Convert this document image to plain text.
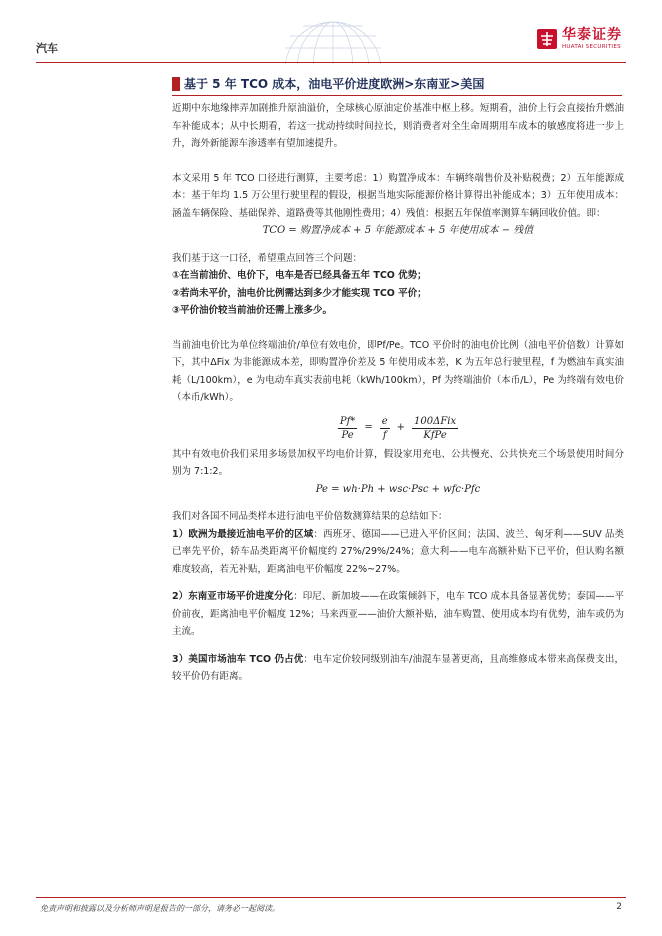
汽车
华泰证券
HUATAI SECURITIES
基于 5 年 TCO 成本，油电平价进度欧洲>东南亚>美国

近期中东地缘摔弄加剧推升原油溢价，全球核心原油定价基准中枢上移。短期看，油价上行会直接抬升燃油车补能成本；从中长期看，若这一扰动持续时间拉长，则消费者对全生命周期用车成本的敏感度将进一步上升，海外新能源车渗透率有望加速提升。

本文采用 5 年 TCO 口径进行测算，主要考虑：1）购置净成本：车辆终端售价及补贴税费；2）五年能源成本：基于年均 1.5 万公里行驶里程的假设，根据当地实际能源价格计算得出补能成本；3）五年使用成本：涵盖车辆保险、基础保养、道路费等其他刚性费用；4）残值：根据五年保值率测算车辆回收价值。即：

TCO = 购置净成本 + 5 年能源成本 + 5 年使用成本 − 残值

我们基于这一口径，希望重点回答三个问题：

①在当前油价、电价下，电车是否已经具备五年 TCO 优势；

②若尚未平价，油电价比例需达到多少才能实现 TCO 平价；

③平价油价较当前油价还需上涨多少。

当前油电价比为单位终端油价/单位有效电价，即Pf/Pe。TCO 平价时的油电价比例（油电平价倍数）计算如下，其中ΔFix 为非能源成本差，即购置净价差及 5 年使用成本差，K 为五年总行驶里程，f 为燃油车真实油耗（L/100km），e 为电动车真实表前电耗（kWh/100km），Pf 为终端油价（本币/L），Pe 为终端有效电价（本币/kWh）。

$\frac{Pf*}{Pe} = \frac{e}{f} + \frac{\text{100ΔFix}}{\text{KfPe}}$

其中有效电价我们采用多场景加权平均电价计算，假设家用充电、公共慢充、公共快充三个场景使用时间分别为 7:1:2。

Pe = wh·Ph + wsc·Psc + wfc·Pfc

我们对各国不同品类样本进行油电平价倍数测算结果的总结如下：

1）欧洲为最接近油电平价的区域：西班牙、德国——已进入平价区间；法国、波兰、匈牙利——SUV 品类已率先平价，轿车品类距离平价幅度约 27%/29%/24%；意大利——电车高额补贴下已平价，但认购名额难度较高，若无补贴，距离油电平价幅度 22%~27%。

2）东南亚市场平价进度分化：印尼、新加坡——在政策倾斜下，电车 TCO 成本具备显著优势；泰国——平价前夜，距离油电平价幅度 12%；马来西亚——油价大额补贴，油车购置、使用成本均有优势，油车或仍为主流。

3）美国市场油车 TCO 仍占优：电车定价较同级别油车/油混车显著更高，且高维修成本带来高保费支出，较平价仍有距离。

免责声明和披露以及分析师声明是报告的一部分，请务必一起阅读。	2
